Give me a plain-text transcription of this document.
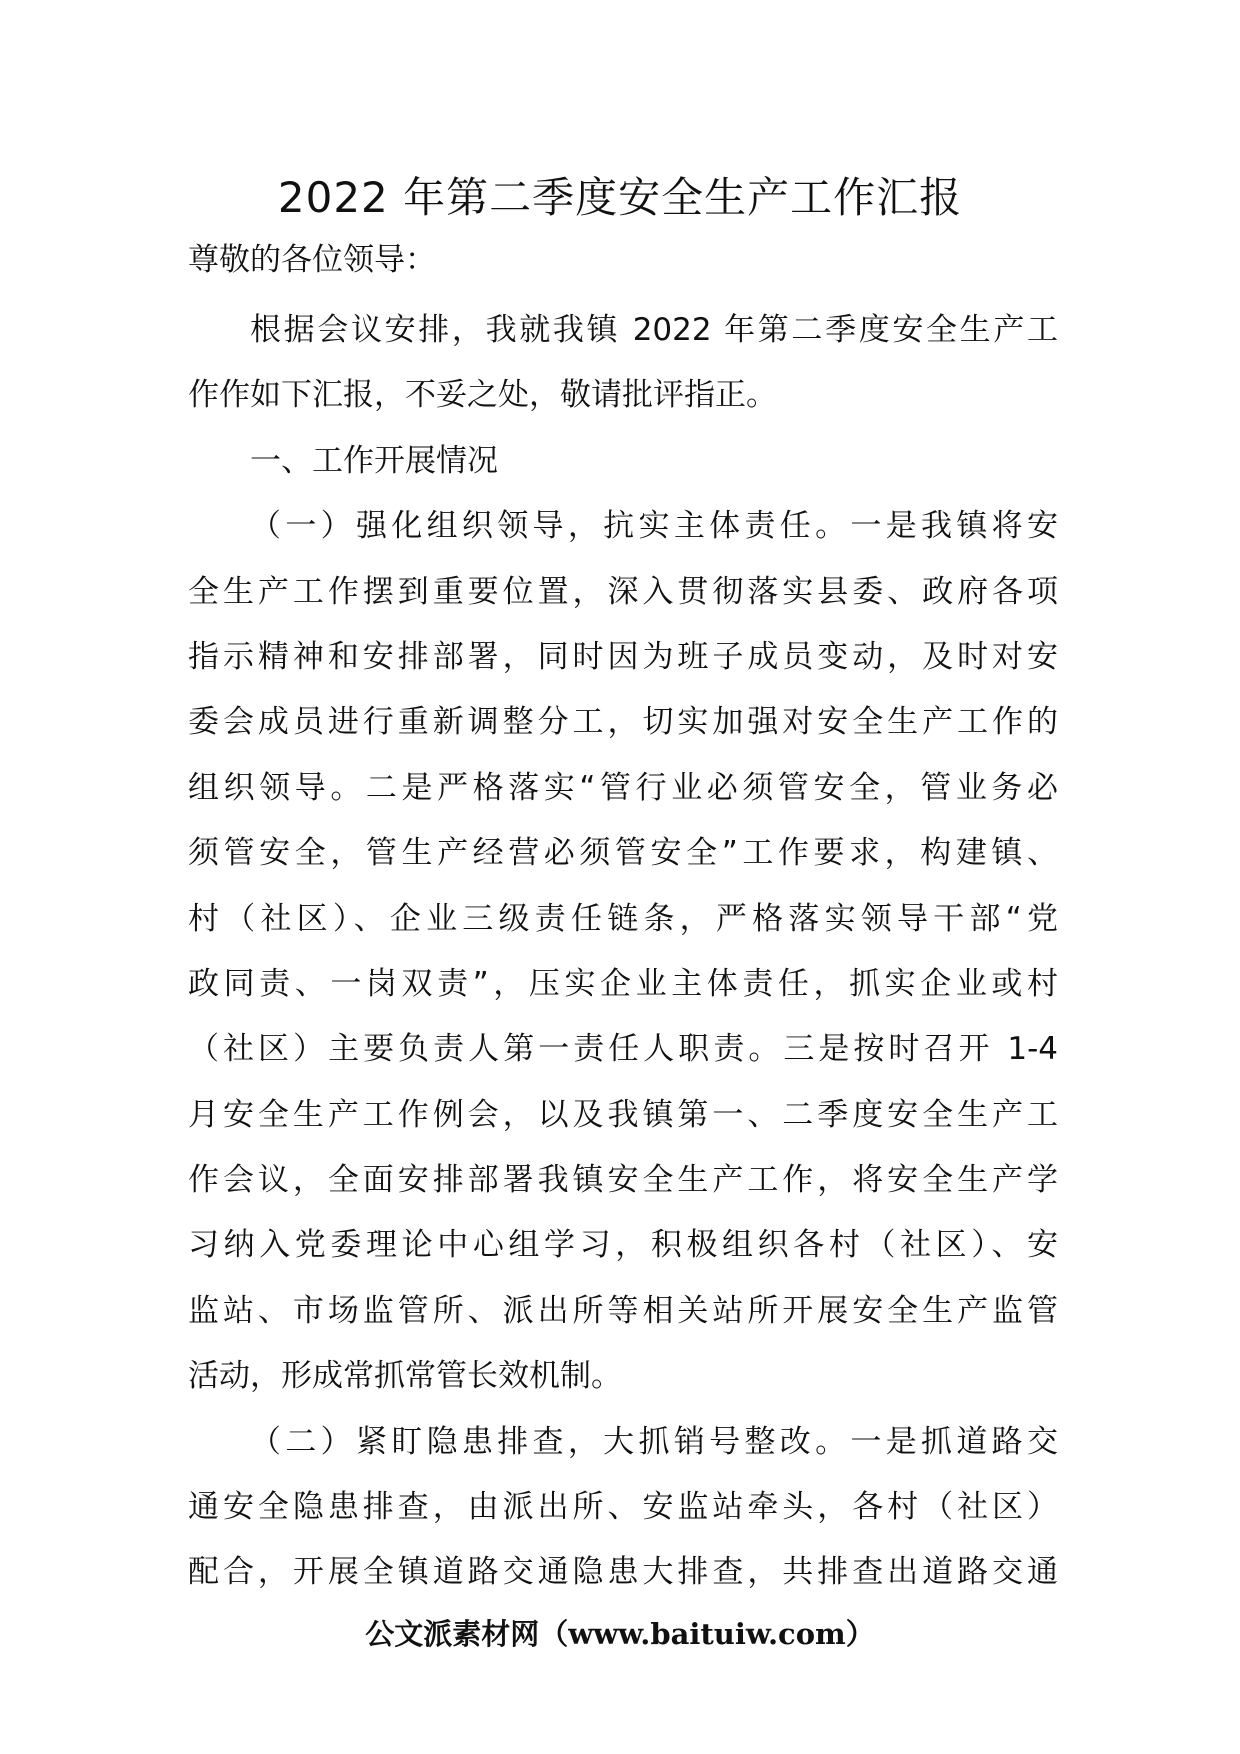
2022 年第二季度安全生产工作汇报
尊敬的各位领导：
根据会议安排，我就我镇 2022 年第二季度安全生产工
作作如下汇报，不妥之处，敬请批评指正。
一、工作开展情况
（一）强化组织领导，抗实主体责任。一是我镇将安
全生产工作摆到重要位置，深入贯彻落实县委、政府各项
指示精神和安排部署，同时因为班子成员变动，及时对安
委会成员进行重新调整分工，切实加强对安全生产工作的
组织领导。二是严格落实“管行业必须管安全，管业务必
须管安全，管生产经营必须管安全”工作要求，构建镇、
村（社区）、企业三级责任链条，严格落实领导干部“党
政同责、一岗双责”，压实企业主体责任，抓实企业或村
（社区）主要负责人第一责任人职责。三是按时召开 1-4
月安全生产工作例会，以及我镇第一、二季度安全生产工
作会议，全面安排部署我镇安全生产工作，将安全生产学
习纳入党委理论中心组学习，积极组织各村（社区）、安
监站、市场监管所、派出所等相关站所开展安全生产监管
活动，形成常抓常管长效机制。
（二）紧盯隐患排查，大抓销号整改。一是抓道路交
通安全隐患排查，由派出所、安监站牵头，各村（社区）
配合，开展全镇道路交通隐患大排查，共排查出道路交通
公文派素材网（www.baituiw.com）
